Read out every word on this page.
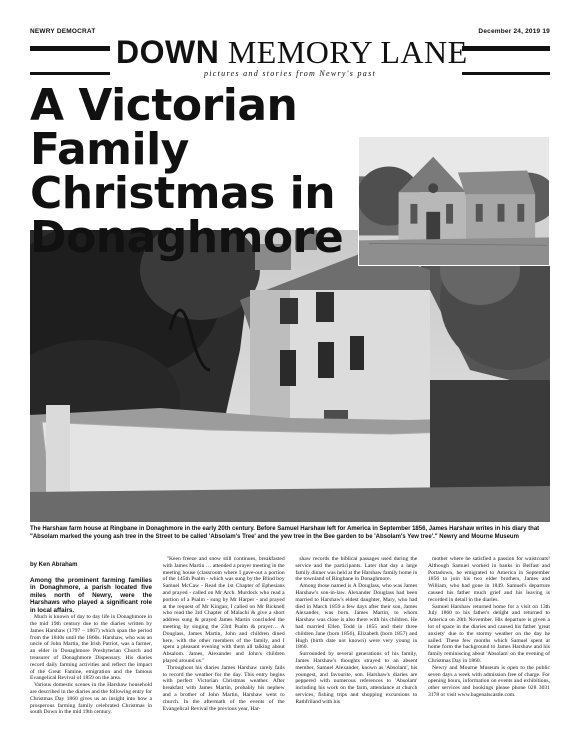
NEWRY DEMOCRAT	December 24, 2019 19
DOWN MEMORY LANE
pictures and stories from Newry's past
A Victorian Family
Christmas in
Donaghmore
The Harshaw farm house at Ringbane in Donaghmore in the early 20th century. Before Samuel Harshaw left for America in September 1856, James Harshaw writes in his diary that "Absolam marked the young ash tree in the Street to be called 'Absolam's Tree' and the yew tree in the Bee garden to be 'Absolam's Yew tree'." Newry and Mourne Museum
by Ken Abraham

Among the prominent farming families in Donaghmore, a parish located five miles north of Newry, were the Harshaws who played a significant role in local affairs.

Much is known of day to day life in Donaghmore in the mid 19th century due to the diaries written by James Harshaw (1797 – 1867) which span the period from the 1840s until the 1860s. Harshaw, who was an uncle of John Martin, the Irish Patriot, was a farmer, an elder in Donaghmore Presbyterian Church and treasurer of Donaghmore Dispensary. His diaries record daily farming activities and reflect the impact of the Great Famine, emigration and the famous Evangelical Revival of 1859 on the area.

Various domestic scenes in the Harshaw household are described in the diaries and the following entry for Christmas Day 1860 gives us an insight into how a prosperous farming family celebrated Christmas in south Down in the mid 19th century.

"Keen freeze and snow still continues, breakfasted with James Martin … attended a prayer meeting in the meeting house (classroom where I gave-out a portion of the 145th Psalm - which was sung by the Blind boy Samuel McCaw - Read the 1st Chapter of Ephesians and prayed - called on Mr Arch. Murdock who read a portion of a Psalm - sung by Mr Harper - and prayed at the request of Mr Kingan; I called on Mr Bicknell who read the 3rd Chapter of Malachi & give a short address sung & prayed James Martin concluded the meeting by singing the 23rd Psalm & prayer… A Douglass, James Martin, John and children dined here, with the other members of the family, and I spent a pleasant evening with them all talking about Absalom. James, Alexander and John's children played around us."

Throughout his diaries James Harshaw rarely fails to record the weather for the day. This entry begins with perfect Victorian Christmas weather. After breakfast with James Martin, probably his nephew and a brother of John Martin, Harshaw went to church. In the aftermath of the events of the Evangelical Revival the previous year, Har-

shaw records the biblical passages used during the service and the participants. Later that day a large family dinner was held at the Harshaw family home in the townland of Ringbane in Donaghmore.

Among those named is A Douglass, who was James Harshaw's son-in-law. Alexander Douglass had been married to Harshaw's eldest daughter, Mary, who had died in March 1859 a few days after their son, James Alexander, was born. James Martin, to whom Harshaw was close is also there with his children. He had married Ellen Todd in 1855 and their three children Jane (born 1856), Elizabeth (born 1857) and Hugh (birth date not known) were very young in 1860.

Surrounded by several generations of his family, James Harshaw's thoughts strayed to an absent member, Samuel Alexander, known as 'Absolam', his youngest, and favourite, son. Harshaw's diaries are peppered with numerous references to 'Absolam' including his work on the farm, attendance at church services, fishing trips and shopping excursions to Rathfriland with his

mother where he satisfied a passion for waistcoats! Although Samuel worked in banks in Belfast and Portadown, he emigrated to America in September 1856 to join his two elder brothers, James and William, who had gone in 1849. Samuel's departure caused his father much grief and his leaving is recorded in detail in the diaries.

Samuel Harshaw returned home for a visit on 13th July 1860 to his father's delight and returned to America on 20th November. His departure is given a lot of space in the diaries and caused his father 'great anxiety' due to the stormy weather on the day he sailed. These few months which Samuel spent at home form the background to James Harshaw and his family reminiscing about 'Absolam' on the evening of Christmas Day in 1860.

Newry and Mourne Museum is open to the public seven days a week with admission free of charge. For opening hours, information on events and exhibitions, other services and bookings please phone 028 3031 3178 or visit www.bagenalscastle.com.
